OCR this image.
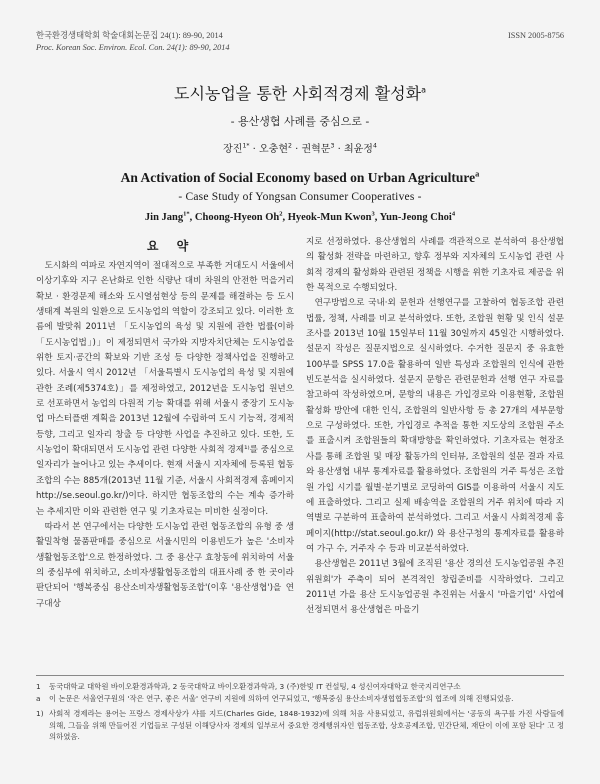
한국환경생태학회 학술대회논문집 24(1): 89-90, 2014
Proc. Korean Soc. Environ. Ecol. Con. 24(1): 89-90, 2014
ISSN 2005-8756
도시농업을 통한 사회적경제 활성화$^a$
- 용산생협 사례를 중심으로 -
장진$^{1*}$ · 오충현$^2$ · 권혁문$^3$ · 최윤정$^4$
An Activation of Social Economy based on Urban Agriculture$^a$
- Case Study of Yongsan Consumer Cooperatives -
Jin Jang$^{1*}$, Choong-Hyeon Oh$^2$, Hyeok-Mun Kwon$^3$, Yun-Jeong Choi$^4$
요 약

도시화의 여파로 자연지역이 절대적으로 부족한 거대도시 서울에서 이상기후와 지구 온난화로 인한 식량난 대비 차원의 안전한 먹을거리 확보 · 환경문제 해소와 도시열섬현상 등의 문제를 해결하는 등 도시생태계 복원의 일환으로 도시농업의 역할이 강조되고 있다. 이러한 흐름에 발맞춰 2011년 「도시농업의 육성 및 지원에 관한 법률(이하 「도시농업법」)」이 제정되면서 국가와 지방자치단체는 도시농업을 위한 토지·공간의 확보와 기반 조성 등 다양한 정책사업을 진행하고 있다. 서울시 역시 2012년 「서울특별시 도시농업의 육성 및 지원에 관한 조례(제5374호)」를 제정하였고, 2012년을 도시농업 원년으로 선포하면서 농업의 다원적 기능 확대를 위해 서울시 중장기 도시농업 마스터플랜 계획을 2013년 12월에 수립하여 도시 기능적, 경제적 등향, 그리고 일자리 창출 등 다양한 사업을 추진하고 있다. 또한, 도시농업이 확대되면서 도시농업 관련 다양한 사회적 경제¹⁾를 중심으로 일자리가 늘어나고 있는 추세이다. 현재 서울시 지자체에 등록된 협동조합의 수는 885개(2013년 11월 기준, 서울시 사회적경제 홈페이지 http://se.seoul.go.kr/)이다. 하지만 협동조합의 수는 계속 증가하는 추세지만 이와 관련한 연구 및 기초자료는 미비한 실정이다.

따라서 본 연구에서는 다양한 도시농업 관련 협동조합의 유형 중 생활밀착형 물품판매를 중심으로 서울시민의 이용빈도가 높은 '소비자생활협동조합'으로 한정하였다. 그 중 용산구 효창동에 위치하여 서울의 중심부에 위치하고, 소비자생활협동조합의 대표사례 중 한 곳이라 판단되어 '행복중심 용산소비자생활협동조합'(이후 '용산생협')을 연구대상

지로 선정하였다. 용산생협의 사례를 객관적으로 분석하여 용산생협의 활성화 전략을 마련하고, 향후 정부와 지자체의 도시농업 관련 사회적 경제의 활성화와 관련된 정책을 시행을 위한 기초자료 제공을 위한 목적으로 수행되었다.

연구방법으로 국내·외 문헌과 선행연구를 고찰하여 협동조합 관련 법률, 정책, 사례를 비교 분석하였다. 또한, 조합원 현황 및 인식 설문조사를 2013년 10월 15일부터 11월 30일까지 45일간 시행하였다. 설문지 작성은 질문지법으로 실시하였다. 수거한 질문지 중 유효한 100부를 SPSS 17.0을 활용하여 일반 특성과 조합원의 인식에 관한 빈도분석을 실시하였다. 설문지 문항은 관련문헌과 선행 연구 자료를 참고하여 작성하였으며, 문항의 내용은 가입경로와 이용현황, 조합원 활성화 방안에 대한 인식, 조합원의 일반사항 등 총 27개의 세부문항으로 구성하였다. 또한, 가입경로 추적을 통한 지도상의 조합원 주소를 표출시켜 조합원들의 확대방향을 확인하였다. 기초자료는 현장조사를 통해 조합원 및 매장 활동가의 인터뷰, 조합원의 설문 결과 자료와 용산생협 내부 통계자료를 활용하였다. 조합원의 거주 특성은 조합원 가입 시기를 월별·분기별로 코딩하여 GIS를 이용하여 서울시 지도에 표출하였다. 그리고 실제 배송역을 조합원의 거주 위치에 따라 지역별로 구분하여 표출하여 분석하였다. 그리고 서울시 사회적경제 홈페이지(http://stat.seoul.go.kr/) 와 용산구청의 통계자료를 활용하여 가구 수, 거주자 수 등과 비교분석하였다.

용산생협은 2011년 3월에 조직된 '용산 경의선 도시농업공원 추진위원회'가 주축이 되어 본격적인 창립준비를 시작하였다. 그리고 2011년 가을 용산 도시농업공원 추진위는 서울시 '마을기업' 사업에 선정되면서 용산생협은 마을기

1	동국대학교 대학원 바이오환경과학과, 2 동국대학교 바이오환경과학과, 3 (주)한빛 IT 컨설팅, 4 성신여자대학교 한국지리연구소
a	이 논문은 서울연구원의 '작은 연구, 좋은 서울' 연구비 지원에 의하여 연구되었고, '행복중심 용산소비자생협협동조합'의 협조에 의해 진행되었음.
1) 사회적 경제라는 용어는 프랑스 경제사상가 샤를 지드(Charles Gide, 1848-1932)에 의해 처음 사용되었고, 유럽위원회에서는 '공동의 욕구를 가진 사람들에 의해, 그들을 위해 만들어진 기업들로 구성된 이해당사자 경제의 일부로서 중요한 경제행위자인 협동조합, 상호공제조합, 민간단체, 재단이 이에 포함 된다' 고 정의하였음.
